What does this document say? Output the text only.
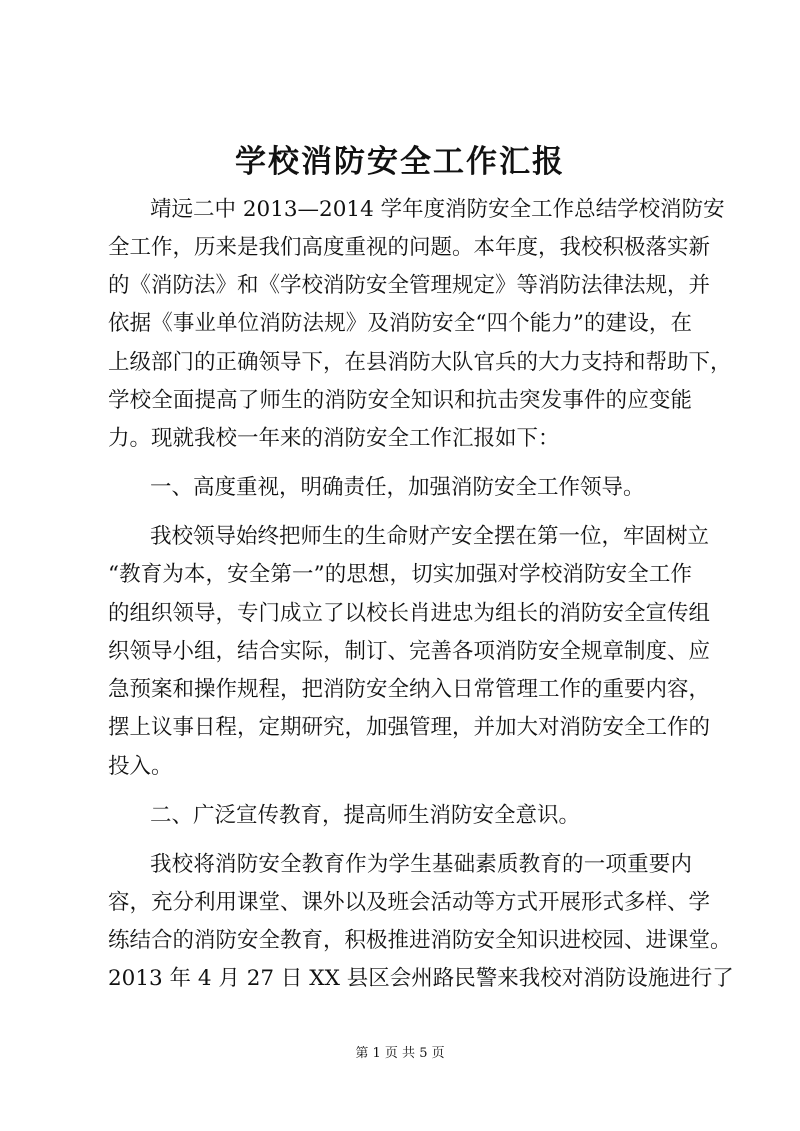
学校消防安全工作汇报

靖远二中 2013—2014 学年度消防安全工作总结学校消防安

全工作，历来是我们高度重视的问题。本年度，我校积极落实新

的《消防法》和《学校消防安全管理规定》等消防法律法规，并

依据《事业单位消防法规》及消防安全“四个能力”的建设，在

上级部门的正确领导下，在县消防大队官兵的大力支持和帮助下，

学校全面提高了师生的消防安全知识和抗击突发事件的应变能

力。现就我校一年来的消防安全工作汇报如下：

一、高度重视，明确责任，加强消防安全工作领导。

我校领导始终把师生的生命财产安全摆在第一位，牢固树立

“教育为本，安全第一”的思想，切实加强对学校消防安全工作

的组织领导，专门成立了以校长肖进忠为组长的消防安全宣传组

织领导小组，结合实际，制订、完善各项消防安全规章制度、应

急预案和操作规程，把消防安全纳入日常管理工作的重要内容，

摆上议事日程，定期研究，加强管理，并加大对消防安全工作的

投入。

二、广泛宣传教育，提高师生消防安全意识。

我校将消防安全教育作为学生基础素质教育的一项重要内

容，充分利用课堂、课外以及班会活动等方式开展形式多样、学

练结合的消防安全教育，积极推进消防安全知识进校园、进课堂。

2013 年 4 月 27 日 XX 县区会州路民警来我校对消防设施进行了

第 1 页 共 5 页
